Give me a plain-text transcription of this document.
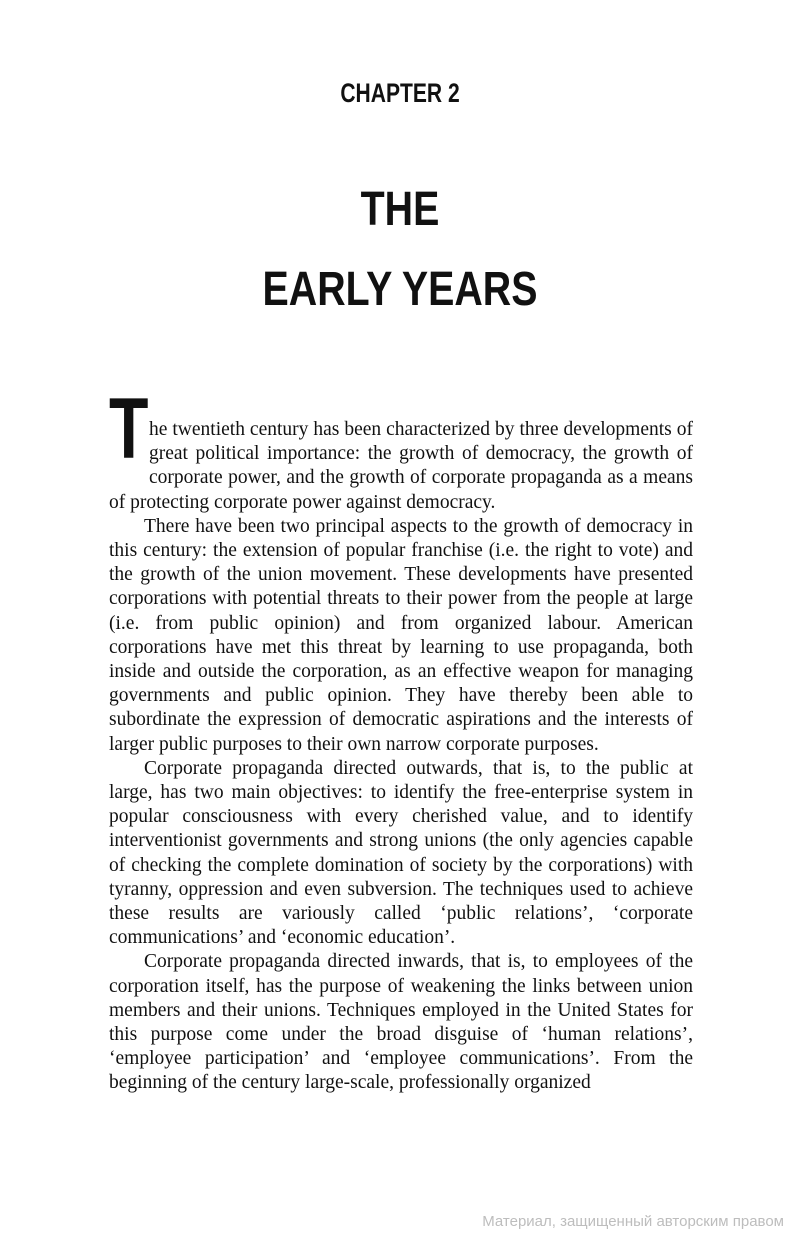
CHAPTER 2
THE
EARLY YEARS

The twentieth century has been characterized by three developments of great political importance: the growth of democracy, the growth of corporate power, and the growth of corporate propaganda as a means of protecting corporate power against democracy.

There have been two principal aspects to the growth of democracy in this century: the extension of popular franchise (i.e. the right to vote) and the growth of the union movement. These developments have presented corporations with potential threats to their power from the people at large (i.e. from public opinion) and from organized labour. American corporations have met this threat by learning to use propaganda, both inside and outside the corporation, as an effective weapon for managing governments and public opinion. They have thereby been able to subordinate the expression of democratic aspirations and the interests of larger public purposes to their own narrow corporate purposes.

Corporate propaganda directed outwards, that is, to the public at large, has two main objectives: to identify the free-enterprise system in popular consciousness with every cherished value, and to identify interventionist governments and strong unions (the only agencies capable of checking the complete domination of society by the corporations) with tyranny, oppression and even subversion. The techniques used to achieve these results are variously called ‘public relations’, ‘corporate communications’ and ‘economic education’.

Corporate propaganda directed inwards, that is, to employees of the corporation itself, has the purpose of weakening the links between union members and their unions. Techniques employed in the United States for this purpose come under the broad disguise of ‘human relations’, ‘employee participation’ and ‘employee communications’. From the beginning of the century large-scale, professionally organized

Материал, защищенный авторским правом
